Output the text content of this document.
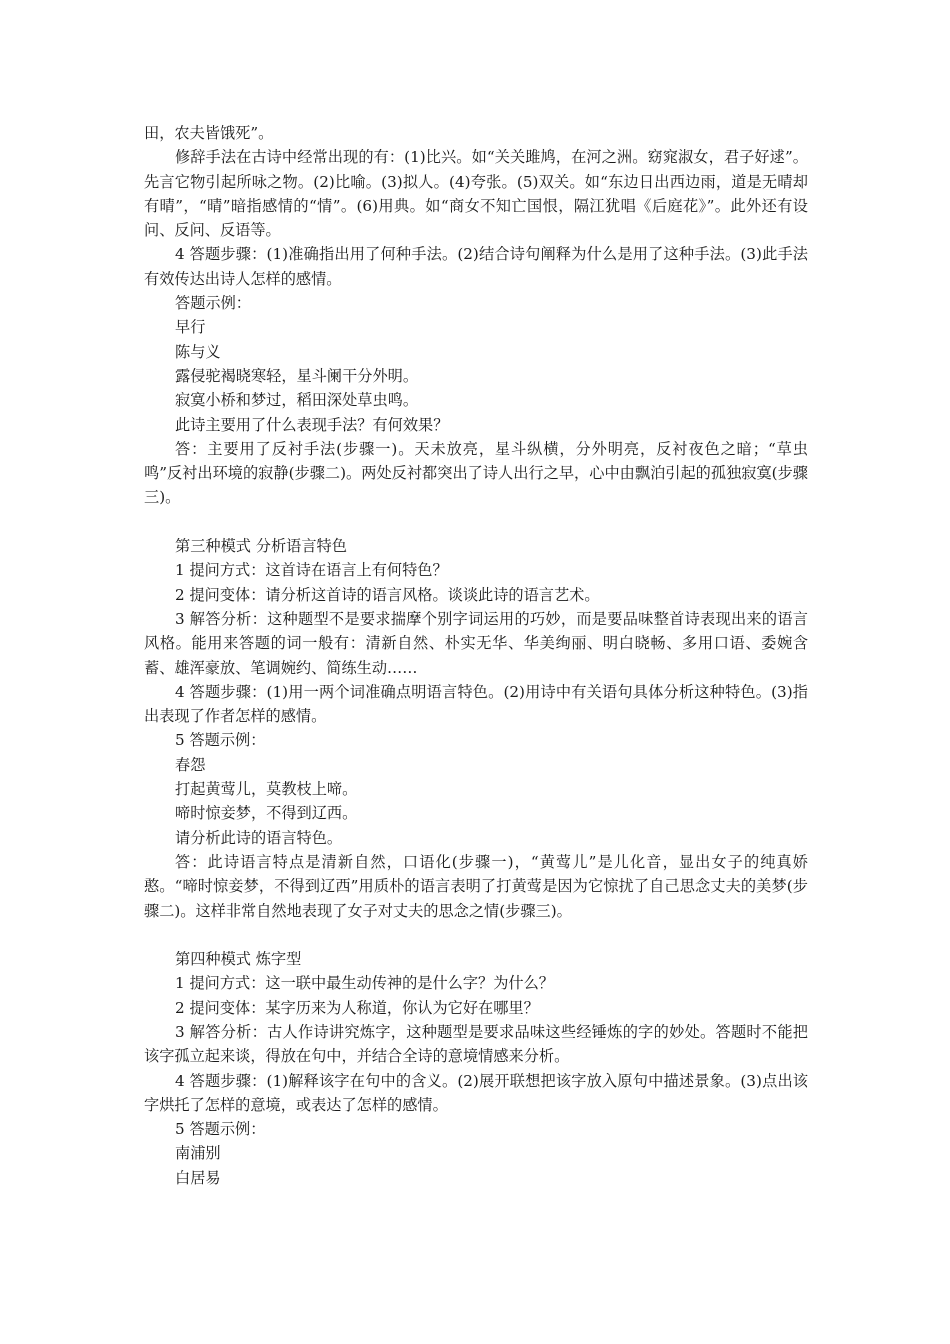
田，农夫皆饿死”。

修辞手法在古诗中经常出现的有：(1)比兴。如“关关雎鸠，在河之洲。窈窕淑女，君子好逑”。先言它物引起所咏之物。(2)比喻。(3)拟人。(4)夸张。(5)双关。如“东边日出西边雨，道是无晴却有晴”，“晴”暗指感情的“情”。(6)用典。如“商女不知亡国恨，隔江犹唱《后庭花》”。此外还有设问、反问、反语等。

4 答题步骤：(1)准确指出用了何种手法。(2)结合诗句阐释为什么是用了这种手法。(3)此手法有效传达出诗人怎样的感情。

答题示例：

早行

陈与义

露侵驼褐晓寒轻，星斗阑干分外明。

寂寞小桥和梦过，稻田深处草虫鸣。

此诗主要用了什么表现手法？有何效果？

答：主要用了反衬手法(步骤一)。天未放亮，星斗纵横，分外明亮，反衬夜色之暗；“草虫鸣”反衬出环境的寂静(步骤二)。两处反衬都突出了诗人出行之早，心中由飘泊引起的孤独寂寞(步骤三)。

第三种模式 分析语言特色

1 提问方式：这首诗在语言上有何特色？

2 提问变体：请分析这首诗的语言风格。谈谈此诗的语言艺术。

3 解答分析：这种题型不是要求揣摩个别字词运用的巧妙，而是要品味整首诗表现出来的语言风格。能用来答题的词一般有：清新自然、朴实无华、华美绚丽、明白晓畅、多用口语、委婉含蓄、雄浑豪放、笔调婉约、简练生动……

4 答题步骤：(1)用一两个词准确点明语言特色。(2)用诗中有关语句具体分析这种特色。(3)指出表现了作者怎样的感情。

5 答题示例：

春怨

打起黄莺儿，莫教枝上啼。

啼时惊妾梦，不得到辽西。

请分析此诗的语言特色。

答：此诗语言特点是清新自然，口语化(步骤一)，“黄莺儿”是儿化音，显出女子的纯真娇憨。“啼时惊妾梦，不得到辽西”用质朴的语言表明了打黄莺是因为它惊扰了自己思念丈夫的美梦(步骤二)。这样非常自然地表现了女子对丈夫的思念之情(步骤三)。

第四种模式 炼字型

1 提问方式：这一联中最生动传神的是什么字？为什么？

2 提问变体：某字历来为人称道，你认为它好在哪里？

3 解答分析：古人作诗讲究炼字，这种题型是要求品味这些经锤炼的字的妙处。答题时不能把该字孤立起来谈，得放在句中，并结合全诗的意境情感来分析。

4 答题步骤：(1)解释该字在句中的含义。(2)展开联想把该字放入原句中描述景象。(3)点出该字烘托了怎样的意境，或表达了怎样的感情。

5 答题示例：

南浦别

白居易
